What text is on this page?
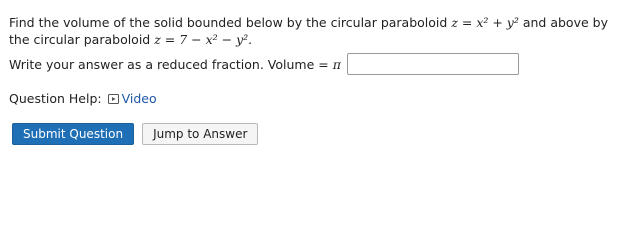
Find the volume of the solid bounded below by the circular paraboloid z = x² + y² and above by the circular paraboloid z = 7 − x² − y².
Write your answer as a reduced fraction. Volume = π
Question Help: Video
Submit Question	Jump to Answer
